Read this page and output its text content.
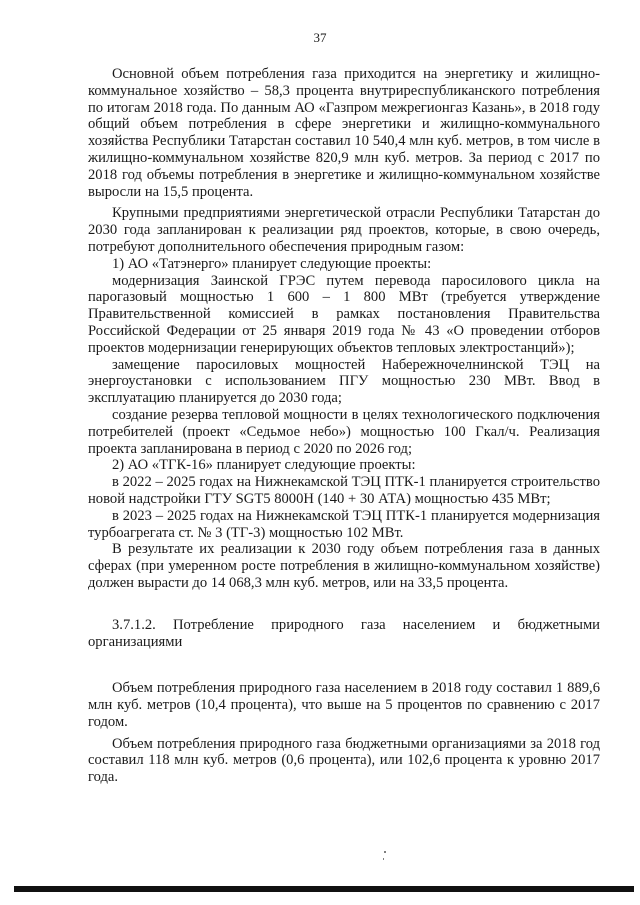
37

Основной объем потребления газа приходится на энергетику и жилищно-коммунальное хозяйство – 58,3 процента внутриреспубликанского потребления по итогам 2018 года. По данным АО «Газпром межрегионгаз Казань», в 2018 году общий объем потребления в сфере энергетики и жилищно-коммунального хозяйства Республики Татарстан составил 10 540,4 млн куб. метров, в том числе в жилищно-коммунальном хозяйстве 820,9 млн куб. метров. За период с 2017 по 2018 год объемы потребления в энергетике и жилищно-коммунальном хозяйстве выросли на 15,5 процента.

Крупными предприятиями энергетической отрасли Республики Татарстан до 2030 года запланирован к реализации ряд проектов, которые, в свою очередь, потребуют дополнительного обеспечения природным газом:

1) АО «Татэнерго» планирует следующие проекты:

модернизация Заинской ГРЭС путем перевода паросилового цикла на парогазовый мощностью 1 600 – 1 800 МВт (требуется утверждение Правительственной комиссией в рамках постановления Правительства Российской Федерации от 25 января 2019 года № 43 «О проведении отборов проектов модернизации генерирующих объектов тепловых электростанций»);

замещение паросиловых мощностей Набережночелнинской ТЭЦ на энергоустановки с использованием ПГУ мощностью 230 МВт. Ввод в эксплуатацию планируется до 2030 года;

создание резерва тепловой мощности в целях технологического подключения потребителей (проект «Седьмое небо») мощностью 100 Гкал/ч. Реализация проекта запланирована в период с 2020 по 2026 год;

2) АО «ТГК-16» планирует следующие проекты:

в 2022 – 2025 годах на Нижнекамской ТЭЦ ПТК-1 планируется строительство новой надстройки ГТУ SGT5 8000H (140 + 30 АТА) мощностью 435 МВт;

в 2023 – 2025 годах на Нижнекамской ТЭЦ ПТК-1 планируется модернизация турбоагрегата ст. № 3 (ТГ-3) мощностью 102 МВт.

В результате их реализации к 2030 году объем потребления газа в данных сферах (при умеренном росте потребления в жилищно-коммунальном хозяйстве) должен вырасти до 14 068,3 млн куб. метров, или на 33,5 процента.

3.7.1.2. Потребление природного газа населением и бюджетными организациями

Объем потребления природного газа населением в 2018 году составил 1 889,6 млн куб. метров (10,4 процента), что выше на 5 процентов по сравнению с 2017 годом.

Объем потребления природного газа бюджетными организациями за 2018 год составил 118 млн куб. метров (0,6 процента), или 102,6 процента к уровню 2017 года.
